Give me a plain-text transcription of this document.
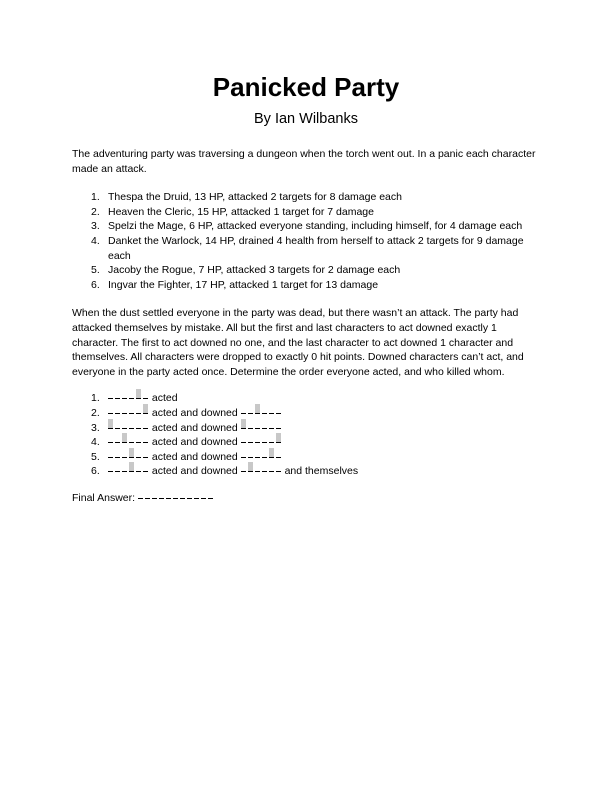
Panicked Party

By Ian Wilbanks

The adventuring party was traversing a dungeon when the torch went out. In a panic each character made an attack.

1. Thespa the Druid, 13 HP, attacked 2 targets for 8 damage each
2. Heaven the Cleric, 15 HP, attacked 1 target for 7 damage
3. Spelzi the Mage, 6 HP, attacked everyone standing, including himself, for 4 damage each
4. Danket the Warlock, 14 HP, drained 4 health from herself to attack 2 targets for 9 damage each
5. Jacoby the Rogue, 7 HP, attacked 3 targets for 2 damage each
6. Ingvar the Fighter, 17 HP, attacked 1 target for 13 damage

When the dust settled everyone in the party was dead, but there wasn’t an attack. The party had attacked themselves by mistake. All but the first and last characters to act downed exactly 1 character. The first to act downed no one, and the last character to act downed 1 character and themselves. All characters were dropped to exactly 0 hit points. Downed characters can’t act, and everyone in the party acted once. Determine the order everyone acted, and who killed whom.

1.	acted
2.	acted and downed
3.	acted and downed
4.	acted and downed
5.	acted and downed
6.	acted and downed	and themselves
Final Answer:
